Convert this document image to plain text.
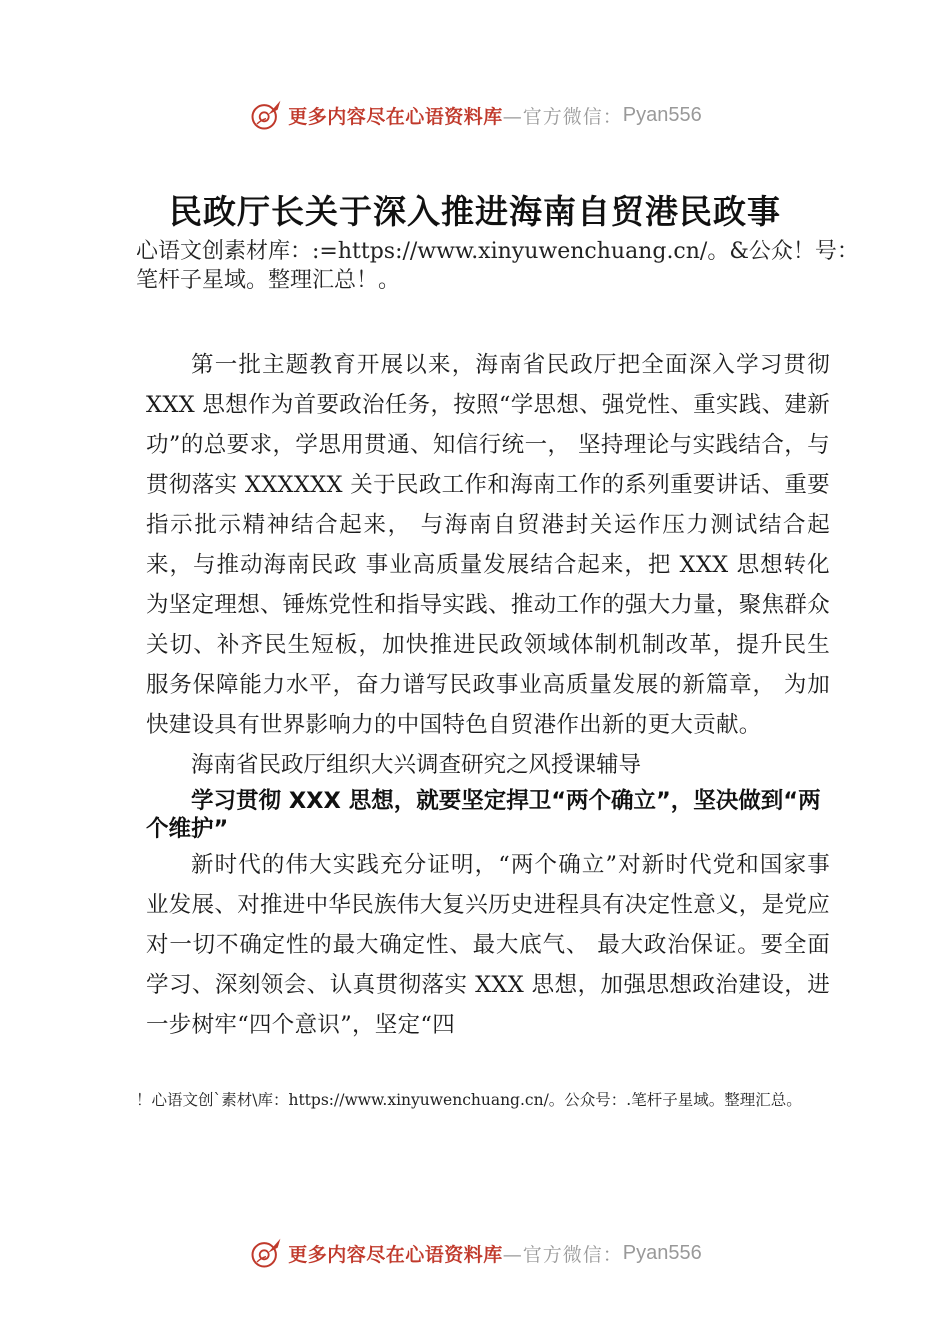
更多内容尽在心语资料库 —官方微信： Pyan556
民政厅长关于深入推进海南自贸港民政事

心语文创素材库：:=https://www.xinyuwenchuang.cn/。&公众！号：笔杆子星域。整理汇总！。

第一批主题教育开展以来，海南省民政厅把全面深入学习贯彻 XXX 思想作为首要政治任务，按照“学思想、强党性、重实践、建新功”的总要求，学思用贯通、知信行统一， 坚持理论与实践结合，与贯彻落实 XXXXXX 关于民政工作和海南工作的系列重要讲话、重要指示批示精神结合起来， 与海南自贸港封关运作压力测试结合起来，与推动海南民政 事业高质量发展结合起来，把 XXX 思想转化为坚定理想、锤炼党性和指导实践、推动工作的强大力量，聚焦群众关切、补齐民生短板，加快推进民政领域体制机制改革，提升民生 服务保障能力水平，奋力谱写民政事业高质量发展的新篇章， 为加快建设具有世界影响力的中国特色自贸港作出新的更大贡献。

海南省民政厅组织大兴调查研究之风授课辅导

学习贯彻 XXX 思想，就要坚定捍卫“两个确立”，坚决做到“两个维护”

新时代的伟大实践充分证明，“两个确立”对新时代党和国家事业发展、对推进中华民族伟大复兴历史进程具有决定性意义，是党应对一切不确定性的最大确定性、最大底气、 最大政治保证。要全面学习、深刻领会、认真贯彻落实 XXX 思想，加强思想政治建设，进一步树牢“四个意识”，坚定“四

！心语文创`素材\库：https://www.xinyuwenchuang.cn/。公众号：.笔杆子星域。整理汇总。

更多内容尽在心语资料库 —官方微信： Pyan556
